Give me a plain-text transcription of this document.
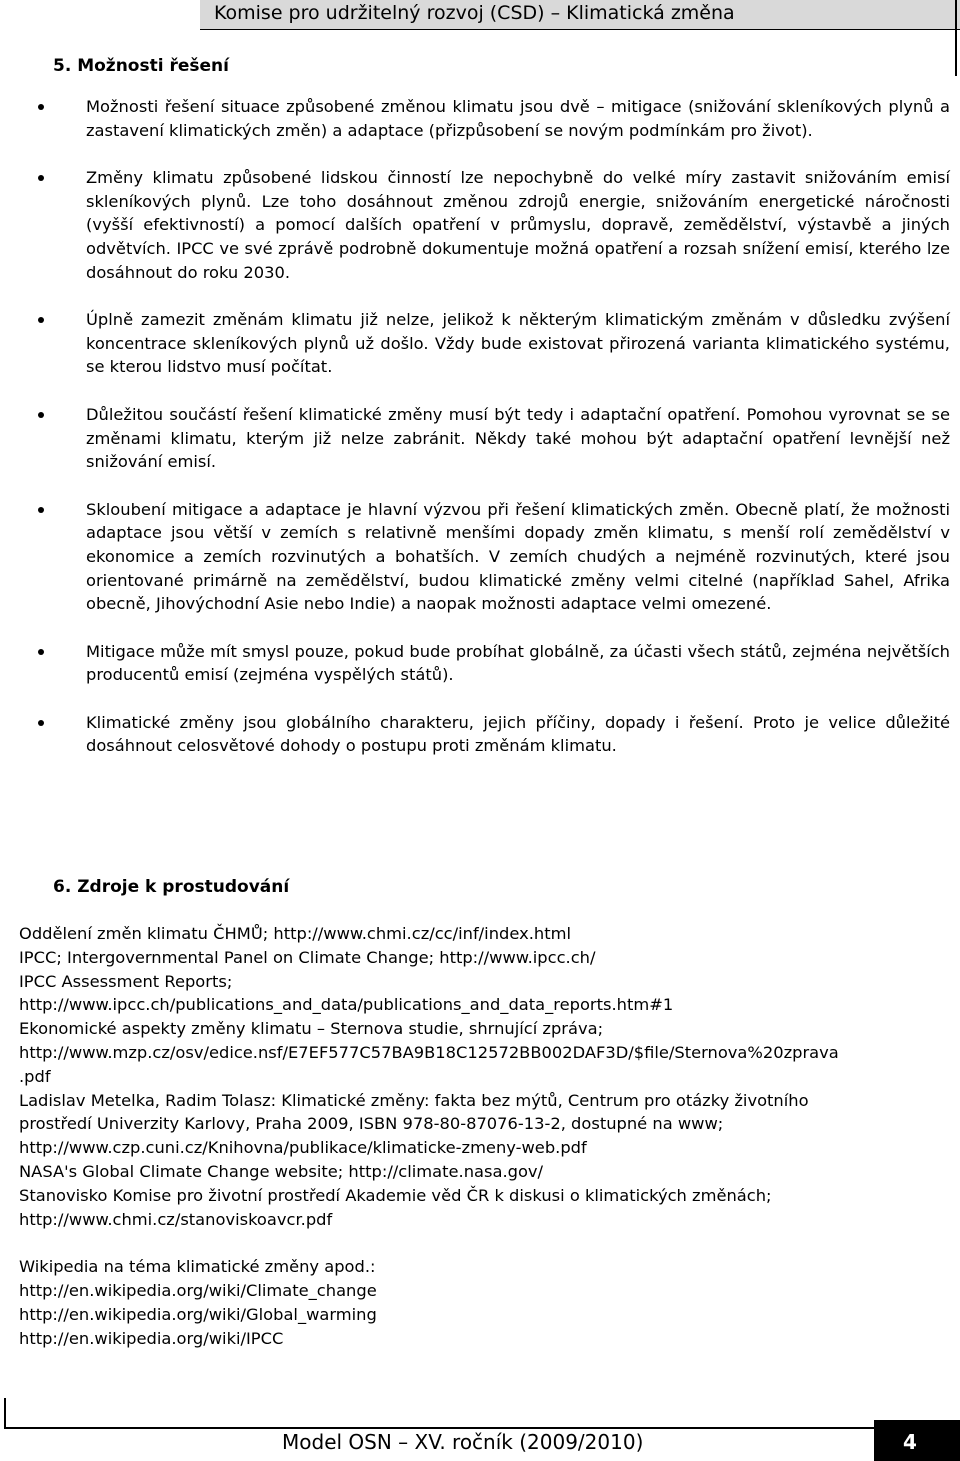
Komise pro udržitelný rozvoj (CSD) – Klimatická změna
5. Možnosti řešení
Možnosti řešení situace způsobené změnou klimatu jsou dvě – mitigace (snižování skleníkových plynů a zastavení klimatických změn) a adaptace (přizpůsobení se novým podmínkám pro život).
Změny klimatu způsobené lidskou činností lze nepochybně do velké míry zastavit snižováním emisí skleníkových plynů. Lze toho dosáhnout změnou zdrojů energie, snižováním energetické náročnosti (vyšší efektivností) a pomocí dalších opatření v průmyslu, dopravě, zemědělství, výstavbě a jiných odvětvích. IPCC ve své zprávě podrobně dokumentuje možná opatření a rozsah snížení emisí, kterého lze dosáhnout do roku 2030.
Úplně zamezit změnám klimatu již nelze, jelikož k některým klimatickým změnám v důsledku zvýšení koncentrace skleníkových plynů už došlo. Vždy bude existovat přirozená varianta klimatického systému, se kterou lidstvo musí počítat.
Důležitou součástí řešení klimatické změny musí být tedy i adaptační opatření. Pomohou vyrovnat se se změnami klimatu, kterým již nelze zabránit. Někdy také mohou být adaptační opatření levnější než snižování emisí.
Skloubení mitigace a adaptace je hlavní výzvou při řešení klimatických změn. Obecně platí, že možnosti adaptace jsou větší v zemích s relativně menšími dopady změn klimatu, s menší rolí zemědělství v ekonomice a zemích rozvinutých a bohatších. V zemích chudých a nejméně rozvinutých, které jsou orientované primárně na zemědělství, budou klimatické změny velmi citelné (například Sahel, Afrika obecně, Jihovýchodní Asie nebo Indie) a naopak možnosti adaptace velmi omezené.
Mitigace může mít smysl pouze, pokud bude probíhat globálně, za účasti všech států, zejména největších producentů emisí (zejména vyspělých států).
Klimatické změny jsou globálního charakteru, jejich příčiny, dopady i řešení. Proto je velice důležité dosáhnout celosvětové dohody o postupu proti změnám klimatu.
6. Zdroje k prostudování
Oddělení změn klimatu ČHMŮ; http://www.chmi.cz/cc/inf/index.html
IPCC; Intergovernmental Panel on Climate Change; http://www.ipcc.ch/
IPCC Assessment Reports;
http://www.ipcc.ch/publications_and_data/publications_and_data_reports.htm#1
Ekonomické aspekty změny klimatu – Sternova studie, shrnující zpráva;
http://www.mzp.cz/osv/edice.nsf/E7EF577C57BA9B18C12572BB002DAF3D/$file/Sternova%20zprava
.pdf
Ladislav Metelka, Radim Tolasz: Klimatické změny: fakta bez mýtů, Centrum pro otázky životního
prostředí Univerzity Karlovy, Praha 2009, ISBN 978-80-87076-13-2, dostupné na www;
http://www.czp.cuni.cz/Knihovna/publikace/klimaticke-zmeny-web.pdf
NASA's Global Climate Change website; http://climate.nasa.gov/
Stanovisko Komise pro životní prostředí Akademie věd ČR k diskusi o klimatických změnách;
http://www.chmi.cz/stanoviskoavcr.pdf
Wikipedia na téma klimatické změny apod.:
http://en.wikipedia.org/wiki/Climate_change
http://en.wikipedia.org/wiki/Global_warming
http://en.wikipedia.org/wiki/IPCC
Model OSN – XV. ročník (2009/2010)	4
